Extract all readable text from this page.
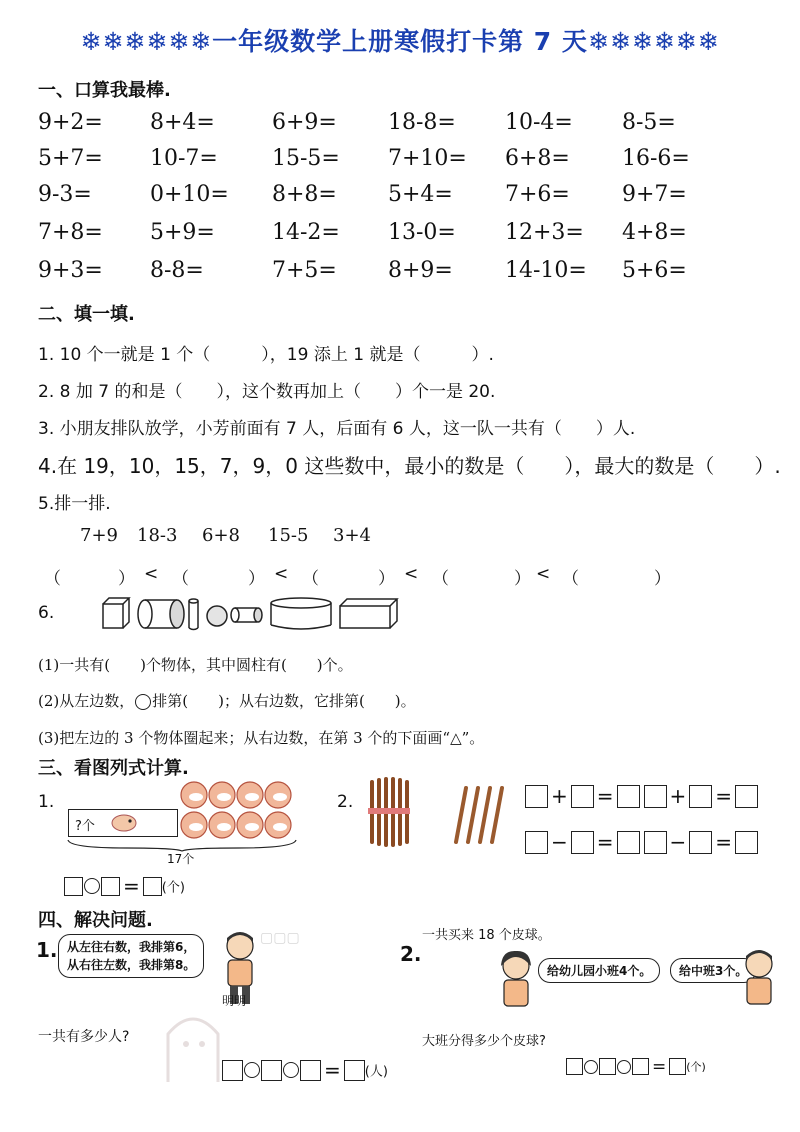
❄❄❄❄❄❄一年级数学上册寒假打卡第 7 天❄❄❄❄❄❄
一、口算我最棒.
9+2= 8+4=	6+9= 18-8= 10-4= 8-5=
5+7= 10-7= 15-5= 7+10= 6+8= 16-6=
9-3=	0+10= 8+8= 5+4= 7+6= 9+7=
7+8= 5+9=	14-2= 13-0= 12+3= 4+8=
9+3= 8-8=	7+5= 8+9= 14-10= 5+6=
二、填一填.
1. 10 个一就是 1 个（　　　），19 添上 1 就是（　　　）.
2. 8 加 7 的和是（　　），这个数再加上（　　）个一是 20.
3. 小朋友排队放学，小芳前面有 7 人，后面有 6 人，这一队一共有（　　）人.
4.在 19，10，15，7，9，0 这些数中，最小的数是（　　），最大的数是（　　）.
5.排一排.
7+9 18-3 6+8 15-5 3+4
（	） < （	） < （	） < （	） < （	）
6.
(1)一共有(　　)个物体，其中圆柱有(　　)个。
(2)从左边数， 排第(　　)；从右边数，它排第(　　)。
(3)把左边的 3 个物体圈起来；从右边数，在第 3 个的下面画“△”。
三、看图列式计算.
1.
?个
17个
= (个)
2.	+ =	+ =
− =	− =
四、解决问题.
▢▢▢
1. 从左往右数，我排第6，
从右往左数，我排第8。
明明
一共有多少人?
= (人)
2.
一共买来 18 个皮球。
给幼儿园小班4个。	给中班3个。
大班分得多少个皮球?
= (个)
